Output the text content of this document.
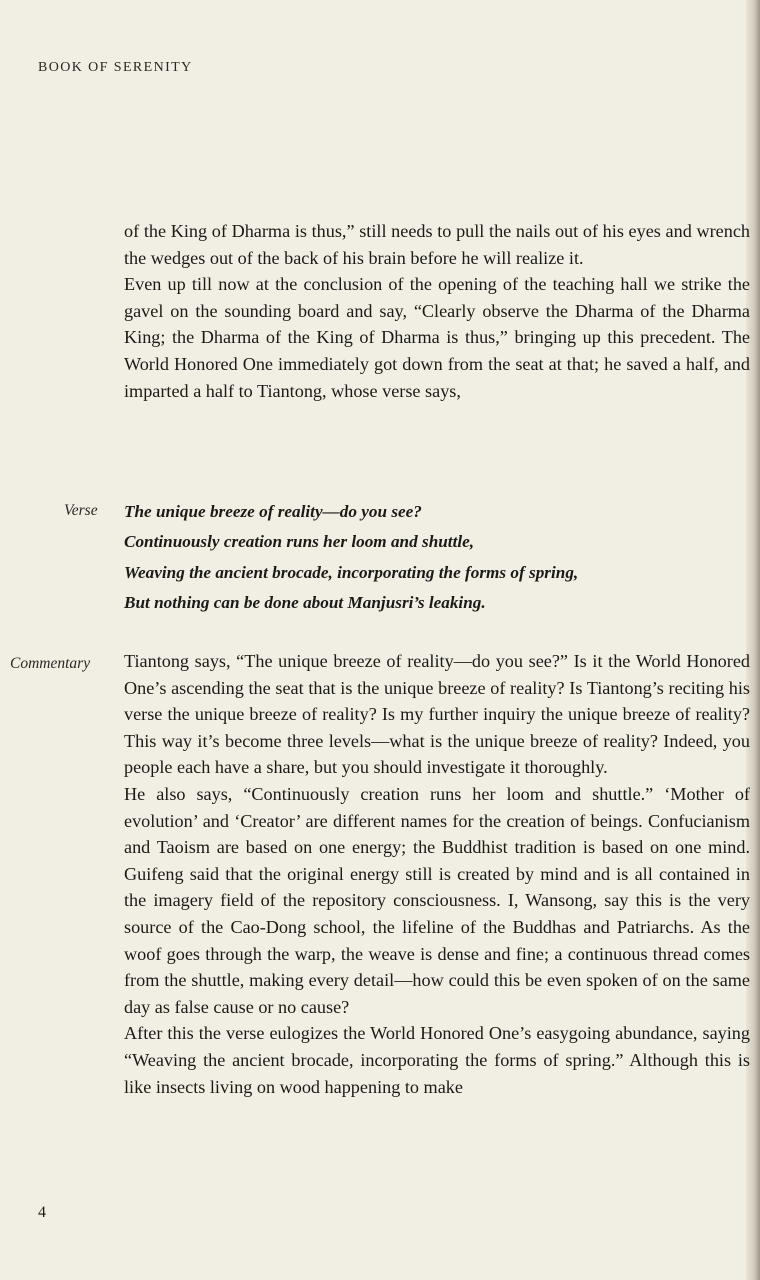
BOOK OF SERENITY

of the King of Dharma is thus,” still needs to pull the nails out of his eyes and wrench the wedges out of the back of his brain before he will realize it.

Even up till now at the conclusion of the opening of the teaching hall we strike the gavel on the sounding board and say, “Clearly observe the Dharma of the Dharma King; the Dharma of the King of Dharma is thus,” bringing up this precedent. The World Honored One immediately got down from the seat at that; he saved a half, and imparted a half to Tiantong, whose verse says,

Verse The unique breeze of reality—do you see?
Continuously creation runs her loom and shuttle,
Weaving the ancient brocade, incorporating the forms of spring,
But nothing can be done about Manjusri’s leaking.
Commentary Tiantong says, “The unique breeze of reality—do you see?” Is it the World Honored One’s ascending the seat that is the unique breeze of reality? Is Tiantong’s reciting his verse the unique breeze of reality? Is my further inquiry the unique breeze of reality? This way it’s become three levels—what is the unique breeze of reality? Indeed, you people each have a share, but you should investigate it thoroughly.

He also says, “Continuously creation runs her loom and shuttle.” ‘Mother of evolution’ and ‘Creator’ are different names for the creation of beings. Confucianism and Taoism are based on one energy; the Buddhist tradition is based on one mind. Guifeng said that the original energy still is created by mind and is all contained in the imagery field of the repository consciousness. I, Wansong, say this is the very source of the Cao-Dong school, the lifeline of the Buddhas and Patriarchs. As the woof goes through the warp, the weave is dense and fine; a continuous thread comes from the shuttle, making every detail—how could this be even spoken of on the same day as false cause or no cause?

After this the verse eulogizes the World Honored One’s easygoing abundance, saying “Weaving the ancient brocade, incorporating the forms of spring.” Although this is like insects living on wood happening to make

4
